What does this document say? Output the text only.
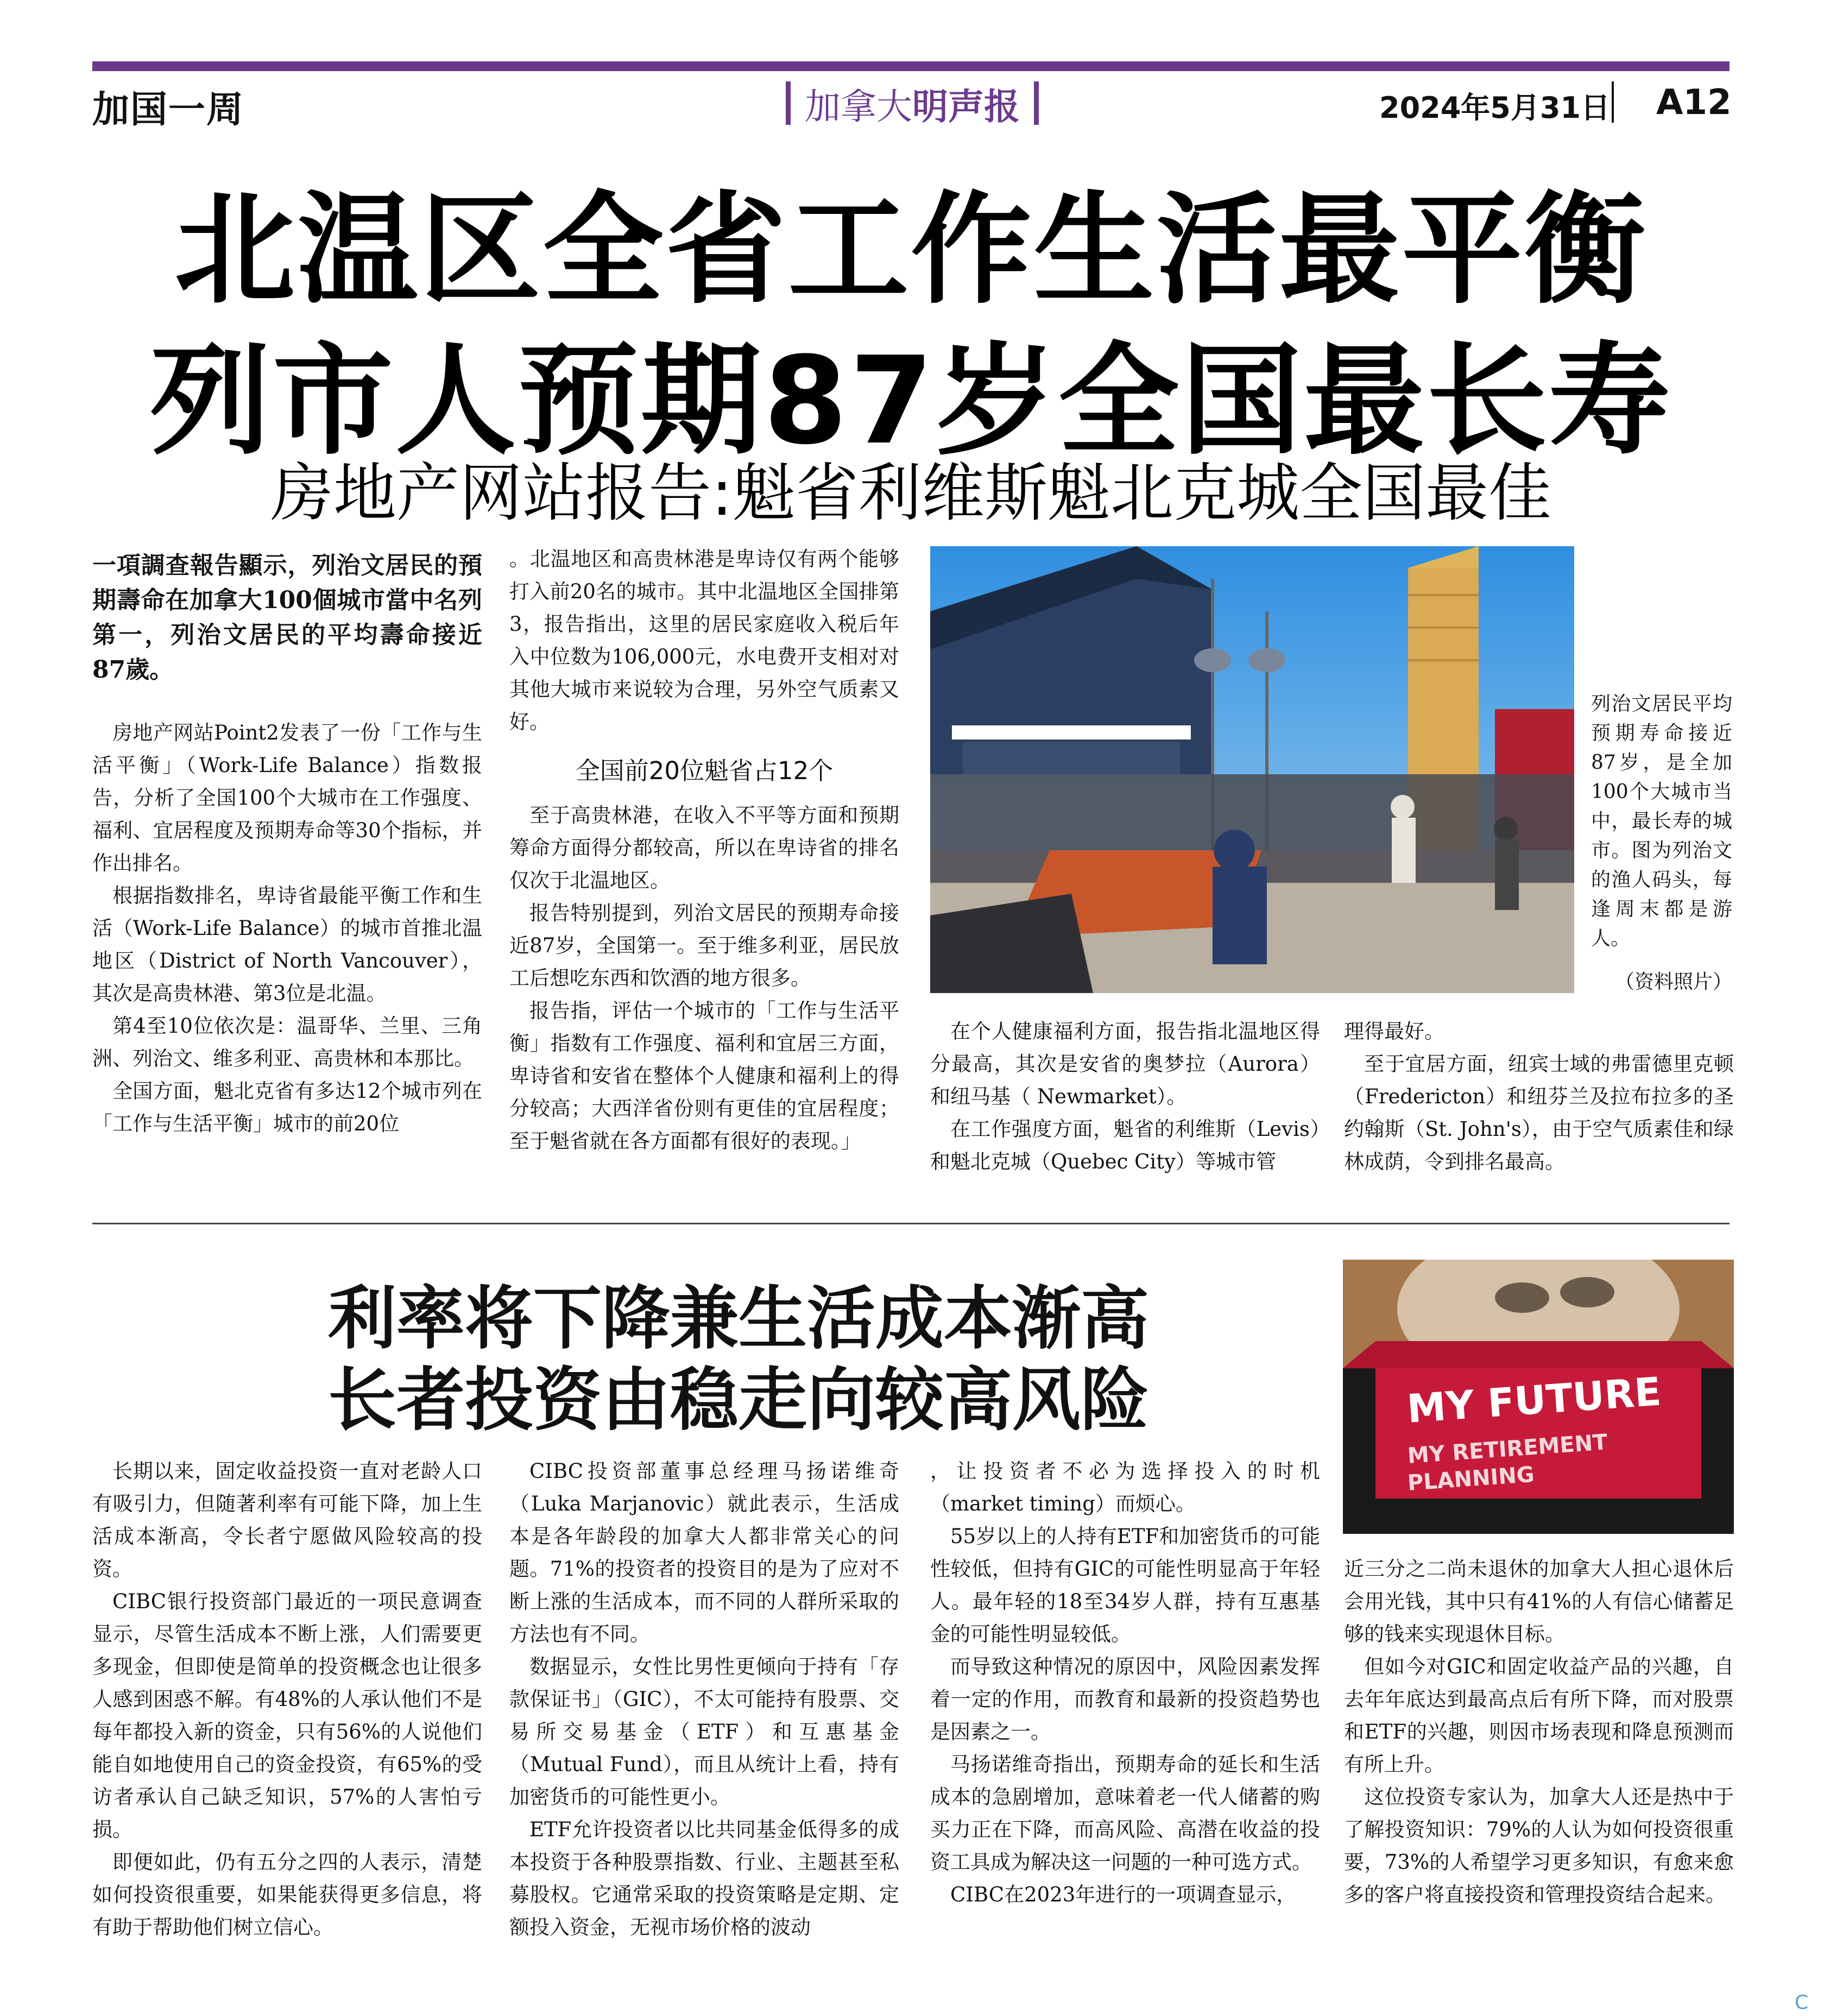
加国一周	加拿大明声报	2024年5月31日 A12
北温区全省工作生活最平衡
列市人预期87岁全国最长寿
房地产网站报告:魁省利维斯魁北克城全国最佳

一項調查報告顯示，列治文居民的預期壽命在加拿大100個城市當中名列第一，列治文居民的平均壽命接近87歲。

房地产网站Point2发表了一份「工作与生活平衡」（Work-Life Balance）指数报告，分析了全国100个大城市在工作强度、福利、宜居程度及预期寿命等30个指标，并作出排名。

根据指数排名，卑诗省最能平衡工作和生活（Work-Life Balance）的城市首推北温地区（District of North Vancouver），其次是高贵林港、第3位是北温。

第4至10位依次是：温哥华、兰里、三角洲、列治文、维多利亚、高贵林和本那比。

全国方面，魁北克省有多达12个城市列在「工作与生活平衡」城市的前20位

。北温地区和高贵林港是卑诗仅有两个能够打入前20名的城市。其中北温地区全国排第3，报告指出，这里的居民家庭收入税后年入中位数为106,000元，水电费开支相对对其他大城市来说较为合理，另外空气质素又好。

全国前20位魁省占12个

至于高贵林港，在收入不平等方面和预期筹命方面得分都较高，所以在卑诗省的排名仅次于北温地区。

报告特别提到，列治文居民的预期寿命接近87岁，全国第一。至于维多利亚，居民放工后想吃东西和饮酒的地方很多。

报告指，评估一个城市的「工作与生活平衡」指数有工作强度、福利和宜居三方面，卑诗省和安省在整体个人健康和福利上的得分较高；大西洋省份则有更佳的宜居程度；至于魁省就在各方面都有很好的表现。」

列治文居民平均预期寿命接近87岁，是全加100个大城市当中，最长寿的城市。图为列治文的渔人码头，每逢周末都是游人。
（资料照片）

在个人健康福利方面，报告指北温地区得分最高，其次是安省的奥梦拉（Aurora）和纽马基（ Newmarket）。

在工作强度方面，魁省的利维斯（Levis）和魁北克城（Quebec City）等城市管

理得最好。

至于宜居方面，纽宾士域的弗雷德里克顿（Fredericton）和纽芬兰及拉布拉多的圣约翰斯（St. John's），由于空气质素佳和绿林成荫，令到排名最高。

利率将下降兼生活成本渐高
长者投资由稳走向较高风险	MY FUTURE
MY RETIREMENT
PLANNING

长期以来，固定收益投资一直对老龄人口有吸引力，但随著利率有可能下降，加上生活成本渐高，令长者宁愿做风险较高的投资。

CIBC银行投资部门最近的一项民意调查显示，尽管生活成本不断上涨，人们需要更多现金，但即使是简单的投资概念也让很多人感到困惑不解。有48%的人承认他们不是每年都投入新的资金，只有56%的人说他们能自如地使用自己的资金投资，有65%的受访者承认自己缺乏知识，57%的人害怕亏损。

即便如此，仍有五分之四的人表示，清楚如何投资很重要，如果能获得更多信息，将有助于帮助他们树立信心。

CIBC投资部董事总经理马扬诺维奇（Luka Marjanovic）就此表示，生活成本是各年龄段的加拿大人都非常关心的问题。71%的投资者的投资目的是为了应对不断上涨的生活成本，而不同的人群所采取的方法也有不同。

数据显示，女性比男性更倾向于持有「存款保证书」（GIC），不太可能持有股票、交易所交易基金（ETF）和互惠基金（Mutual Fund），而且从统计上看，持有加密货币的可能性更小。

ETF允许投资者以比共同基金低得多的成本投资于各种股票指数、行业、主题甚至私募股权。它通常采取的投资策略是定期、定额投入资金，无视市场价格的波动

，让投资者不必为选择投入的时机（market timing）而烦心。

55岁以上的人持有ETF和加密货币的可能性较低，但持有GIC的可能性明显高于年轻人。最年轻的18至34岁人群，持有互惠基金的可能性明显较低。

而导致这种情况的原因中，风险因素发挥着一定的作用，而教育和最新的投资趋势也是因素之一。

马扬诺维奇指出，预期寿命的延长和生活成本的急剧增加，意味着老一代人储蓄的购买力正在下降，而高风险、高潜在收益的投资工具成为解决这一问题的一种可选方式。

CIBC在2023年进行的一项调查显示，

近三分之二尚未退休的加拿大人担心退休后会用光钱，其中只有41%的人有信心储蓄足够的钱来实现退休目标。

但如今对GIC和固定收益产品的兴趣，自去年年底达到最高点后有所下降，而对股票和ETF的兴趣，则因市场表现和降息预测而有所上升。

这位投资专家认为，加拿大人还是热中于了解投资知识：79%的人认为如何投资很重要，73%的人希望学习更多知识，有愈来愈多的客户将直接投资和管理投资结合起来。

C
